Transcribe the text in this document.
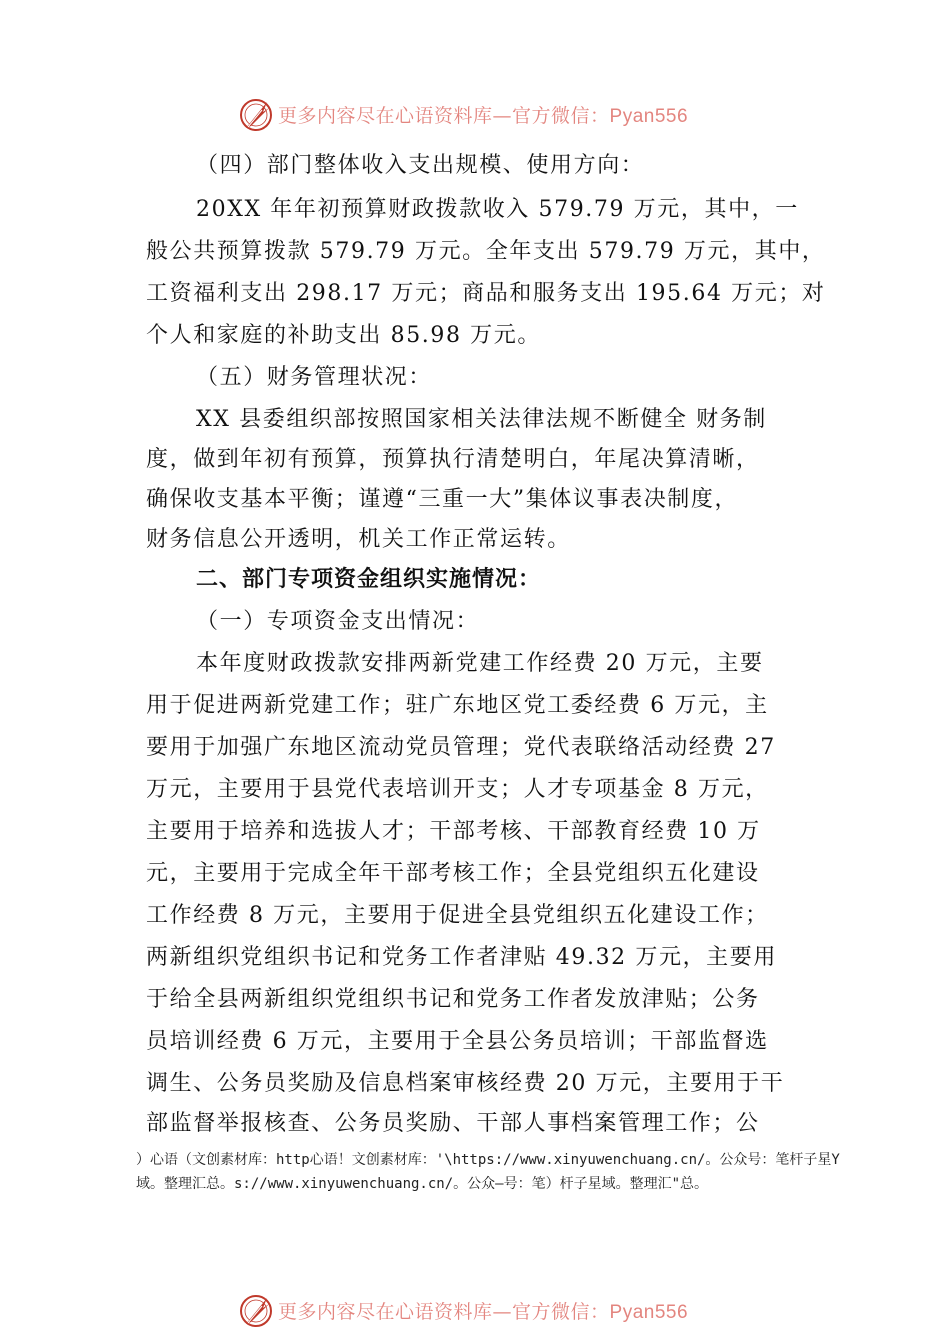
更多内容尽在心语资料库—官方微信：Pyan556
（四）部门整体收入支出规模、使用方向：
20XX 年年初预算财政拨款收入 579.79 万元，其中，一
般公共预算拨款 579.79 万元。全年支出 579.79 万元，其中，
工资福利支出 298.17 万元；商品和服务支出 195.64 万元；对
个人和家庭的补助支出 85.98 万元。
（五）财务管理状况：
XX 县委组织部按照国家相关法律法规不断健全 财务制
度，做到年初有预算，预算执行清楚明白，年尾决算清晰，
确保收支基本平衡；谨遵“三重一大”集体议事表决制度，
财务信息公开透明，机关工作正常运转。
二、部门专项资金组织实施情况：
（一）专项资金支出情况：
本年度财政拨款安排两新党建工作经费 20 万元，主要
用于促进两新党建工作；驻广东地区党工委经费 6 万元，主
要用于加强广东地区流动党员管理；党代表联络活动经费 27
万元，主要用于县党代表培训开支；人才专项基金 8 万元，
主要用于培养和选拔人才；干部考核、干部教育经费 10 万
元，主要用于完成全年干部考核工作；全县党组织五化建设
工作经费 8 万元，主要用于促进全县党组织五化建设工作；
两新组织党组织书记和党务工作者津贴 49.32 万元，主要用
于给全县两新组织党组织书记和党务工作者发放津贴；公务
员培训经费 6 万元，主要用于全县公务员培训；干部监督选
调生、公务员奖励及信息档案审核经费 20 万元，主要用于干
部监督举报核查、公务员奖励、干部人事档案管理工作；公
）心语（文创素材库：http心语！文创素材库：'\https://www.xinyuwenchuang.cn/。公众号：笔杆子星Y域。整理汇总。s://www.xinyuwenchuang.cn/。公众—号：笔）杆子星域。整理汇"总。
更多内容尽在心语资料库—官方微信：Pyan556
